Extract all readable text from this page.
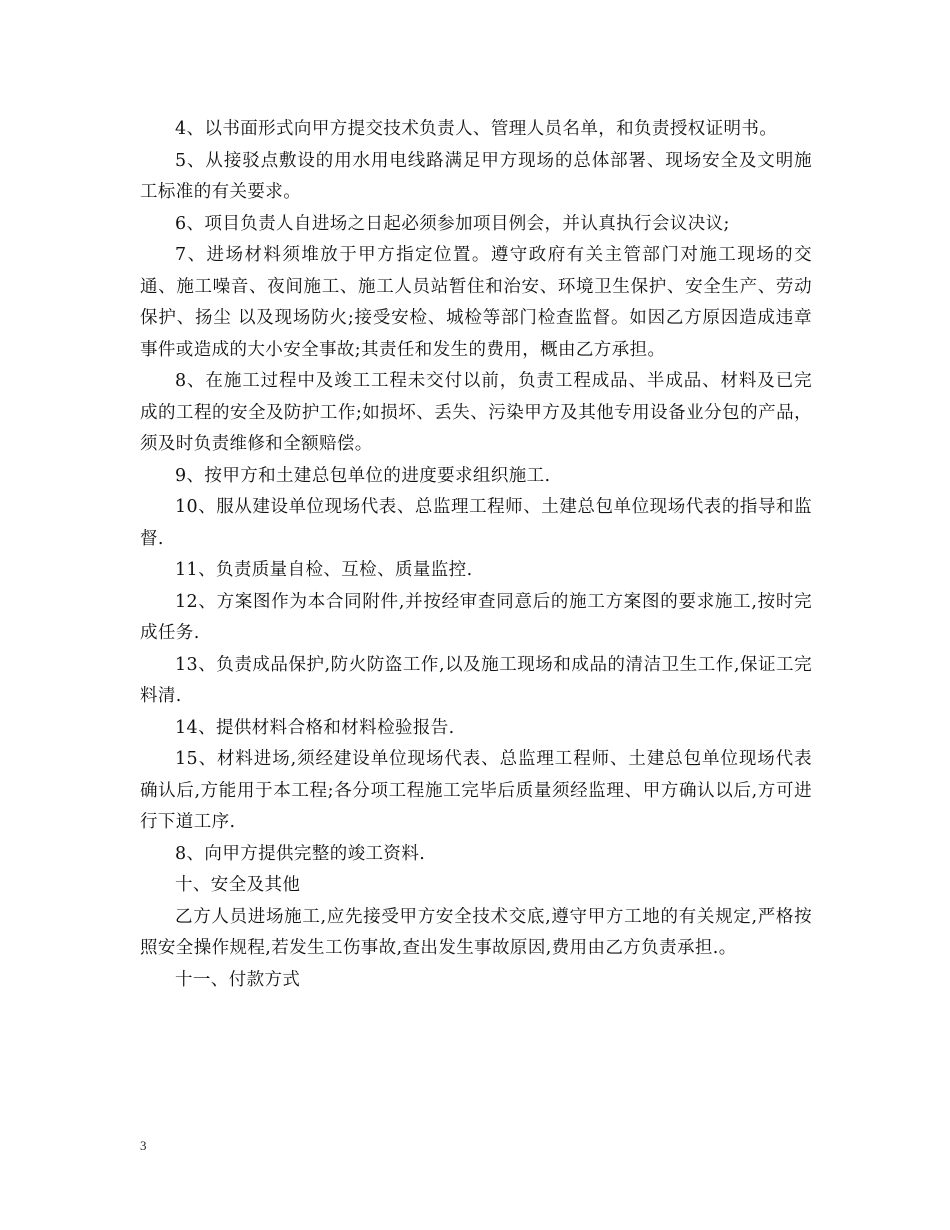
4、以书面形式向甲方提交技术负责人、管理人员名单，和负责授权证明书。

5、从接驳点敷设的用水用电线路满足甲方现场的总体部署、现场安全及文明施工标准的有关要求。

6、项目负责人自进场之日起必须参加项目例会，并认真执行会议决议;

7、进场材料须堆放于甲方指定位置。遵守政府有关主管部门对施工现场的交通、施工噪音、夜间施工、施工人员站暂住和治安、环境卫生保护、安全生产、劳动保护、扬尘 以及现场防火;接受安检、城检等部门检查监督。如因乙方原因造成违章事件或造成的大小安全事故;其责任和发生的费用，概由乙方承担。

8、在施工过程中及竣工工程未交付以前，负责工程成品、半成品、材料及已完成的工程的安全及防护工作;如损坏、丢失、污染甲方及其他专用设备业分包的产品，须及时负责维修和全额赔偿。

9、按甲方和土建总包单位的进度要求组织施工.

10、服从建设单位现场代表、总监理工程师、土建总包单位现场代表的指导和监督.

11、负责质量自检、互检、质量监控.

12、方案图作为本合同附件,并按经审查同意后的施工方案图的要求施工,按时完成任务.

13、负责成品保护,防火防盗工作,以及施工现场和成品的清洁卫生工作,保证工完料清.

14、提供材料合格和材料检验报告.

15、材料进场,须经建设单位现场代表、总监理工程师、土建总包单位现场代表确认后,方能用于本工程;各分项工程施工完毕后质量须经监理、甲方确认以后,方可进行下道工序.

8、向甲方提供完整的竣工资料.

十、安全及其他

乙方人员进场施工,应先接受甲方安全技术交底,遵守甲方工地的有关规定,严格按照安全操作规程,若发生工伤事故,查出发生事故原因,费用由乙方负责承担.。

十一、付款方式

3
